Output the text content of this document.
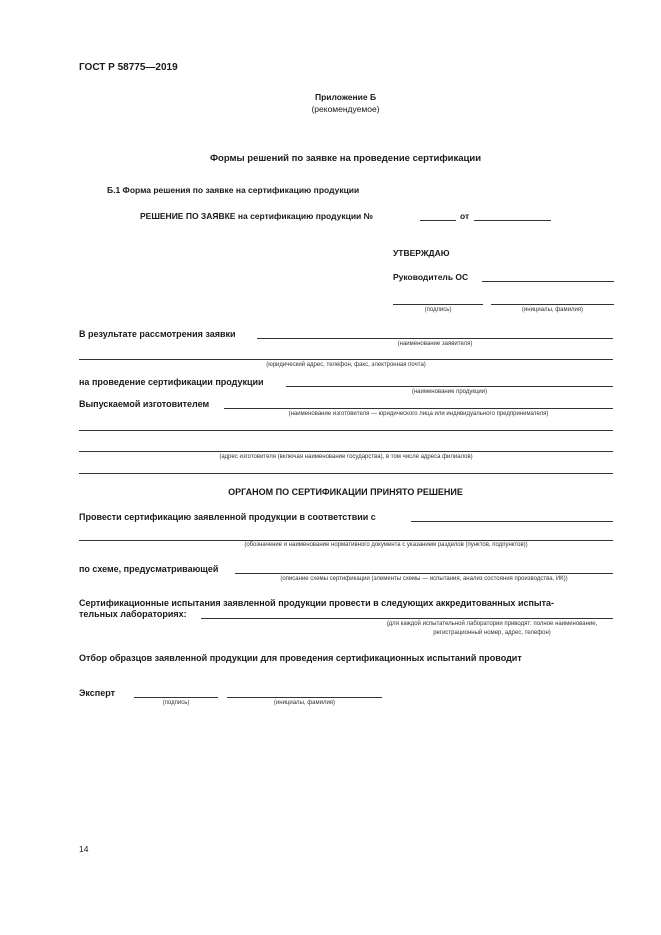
ГОСТ Р 58775—2019
Приложение Б
(рекомендуемое)
Формы решений по заявке на проведение сертификации
Б.1 Форма решения по заявке на сертификацию продукции
РЕШЕНИЕ ПО ЗАЯВКЕ на сертификацию продукции №	от
УТВЕРЖДАЮ
Руководитель ОС
(подпись)	(инициалы, фамилия)
В результате рассмотрения заявки
(наименование заявителя)
(юридический адрес, телефон, факс, электронная почта)
на проведение сертификации продукции
(наименование продукции)
Выпускаемой изготовителем
(наименование изготовителя — юридического лица или индивидуального предпринимателя)
(адрес изготовителя (включая наименование государства), в том числе адреса филиалов)
ОРГАНОМ ПО СЕРТИФИКАЦИИ ПРИНЯТО РЕШЕНИЕ
Провести сертификацию заявленной продукции в соответствии с
(обозначение и наименование нормативного документа с указанием разделов (пунктов, подпунктов))
по схеме, предусматривающей
(описание схемы сертификации (элементы схемы — испытания, анализ состояния производства, ИК))
Сертификационные испытания заявленной продукции провести в следующих аккредитованных испыта-
тельных лабораториях:
(для каждой испытательной лаборатории приводят: полное наименование,
регистрационный номер, адрес, телефон)
Отбор образцов заявленной продукции для проведения сертификационных испытаний проводит
Эксперт
(подпись)	(инициалы, фамилия)
14
